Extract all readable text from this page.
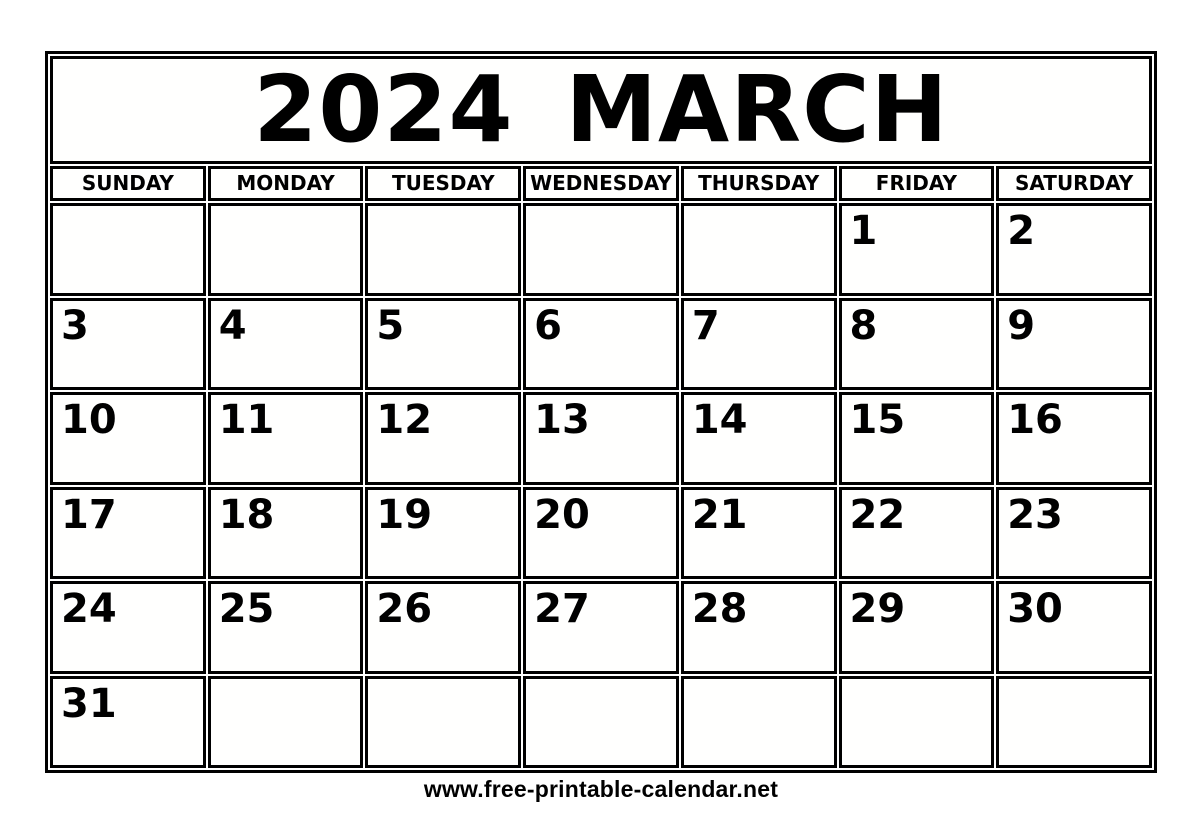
2024 MARCH						
SUNDAY	MONDAY	TUESDAY	WEDNESDAY	THURSDAY	FRIDAY	SATURDAY
					1	2
3	4	5	6	7	8	9
10	11	12	13	14	15	16
17	18	19	20	21	22	23
24	25	26	27	28	29	30
31						
www.free-printable-calendar.net
